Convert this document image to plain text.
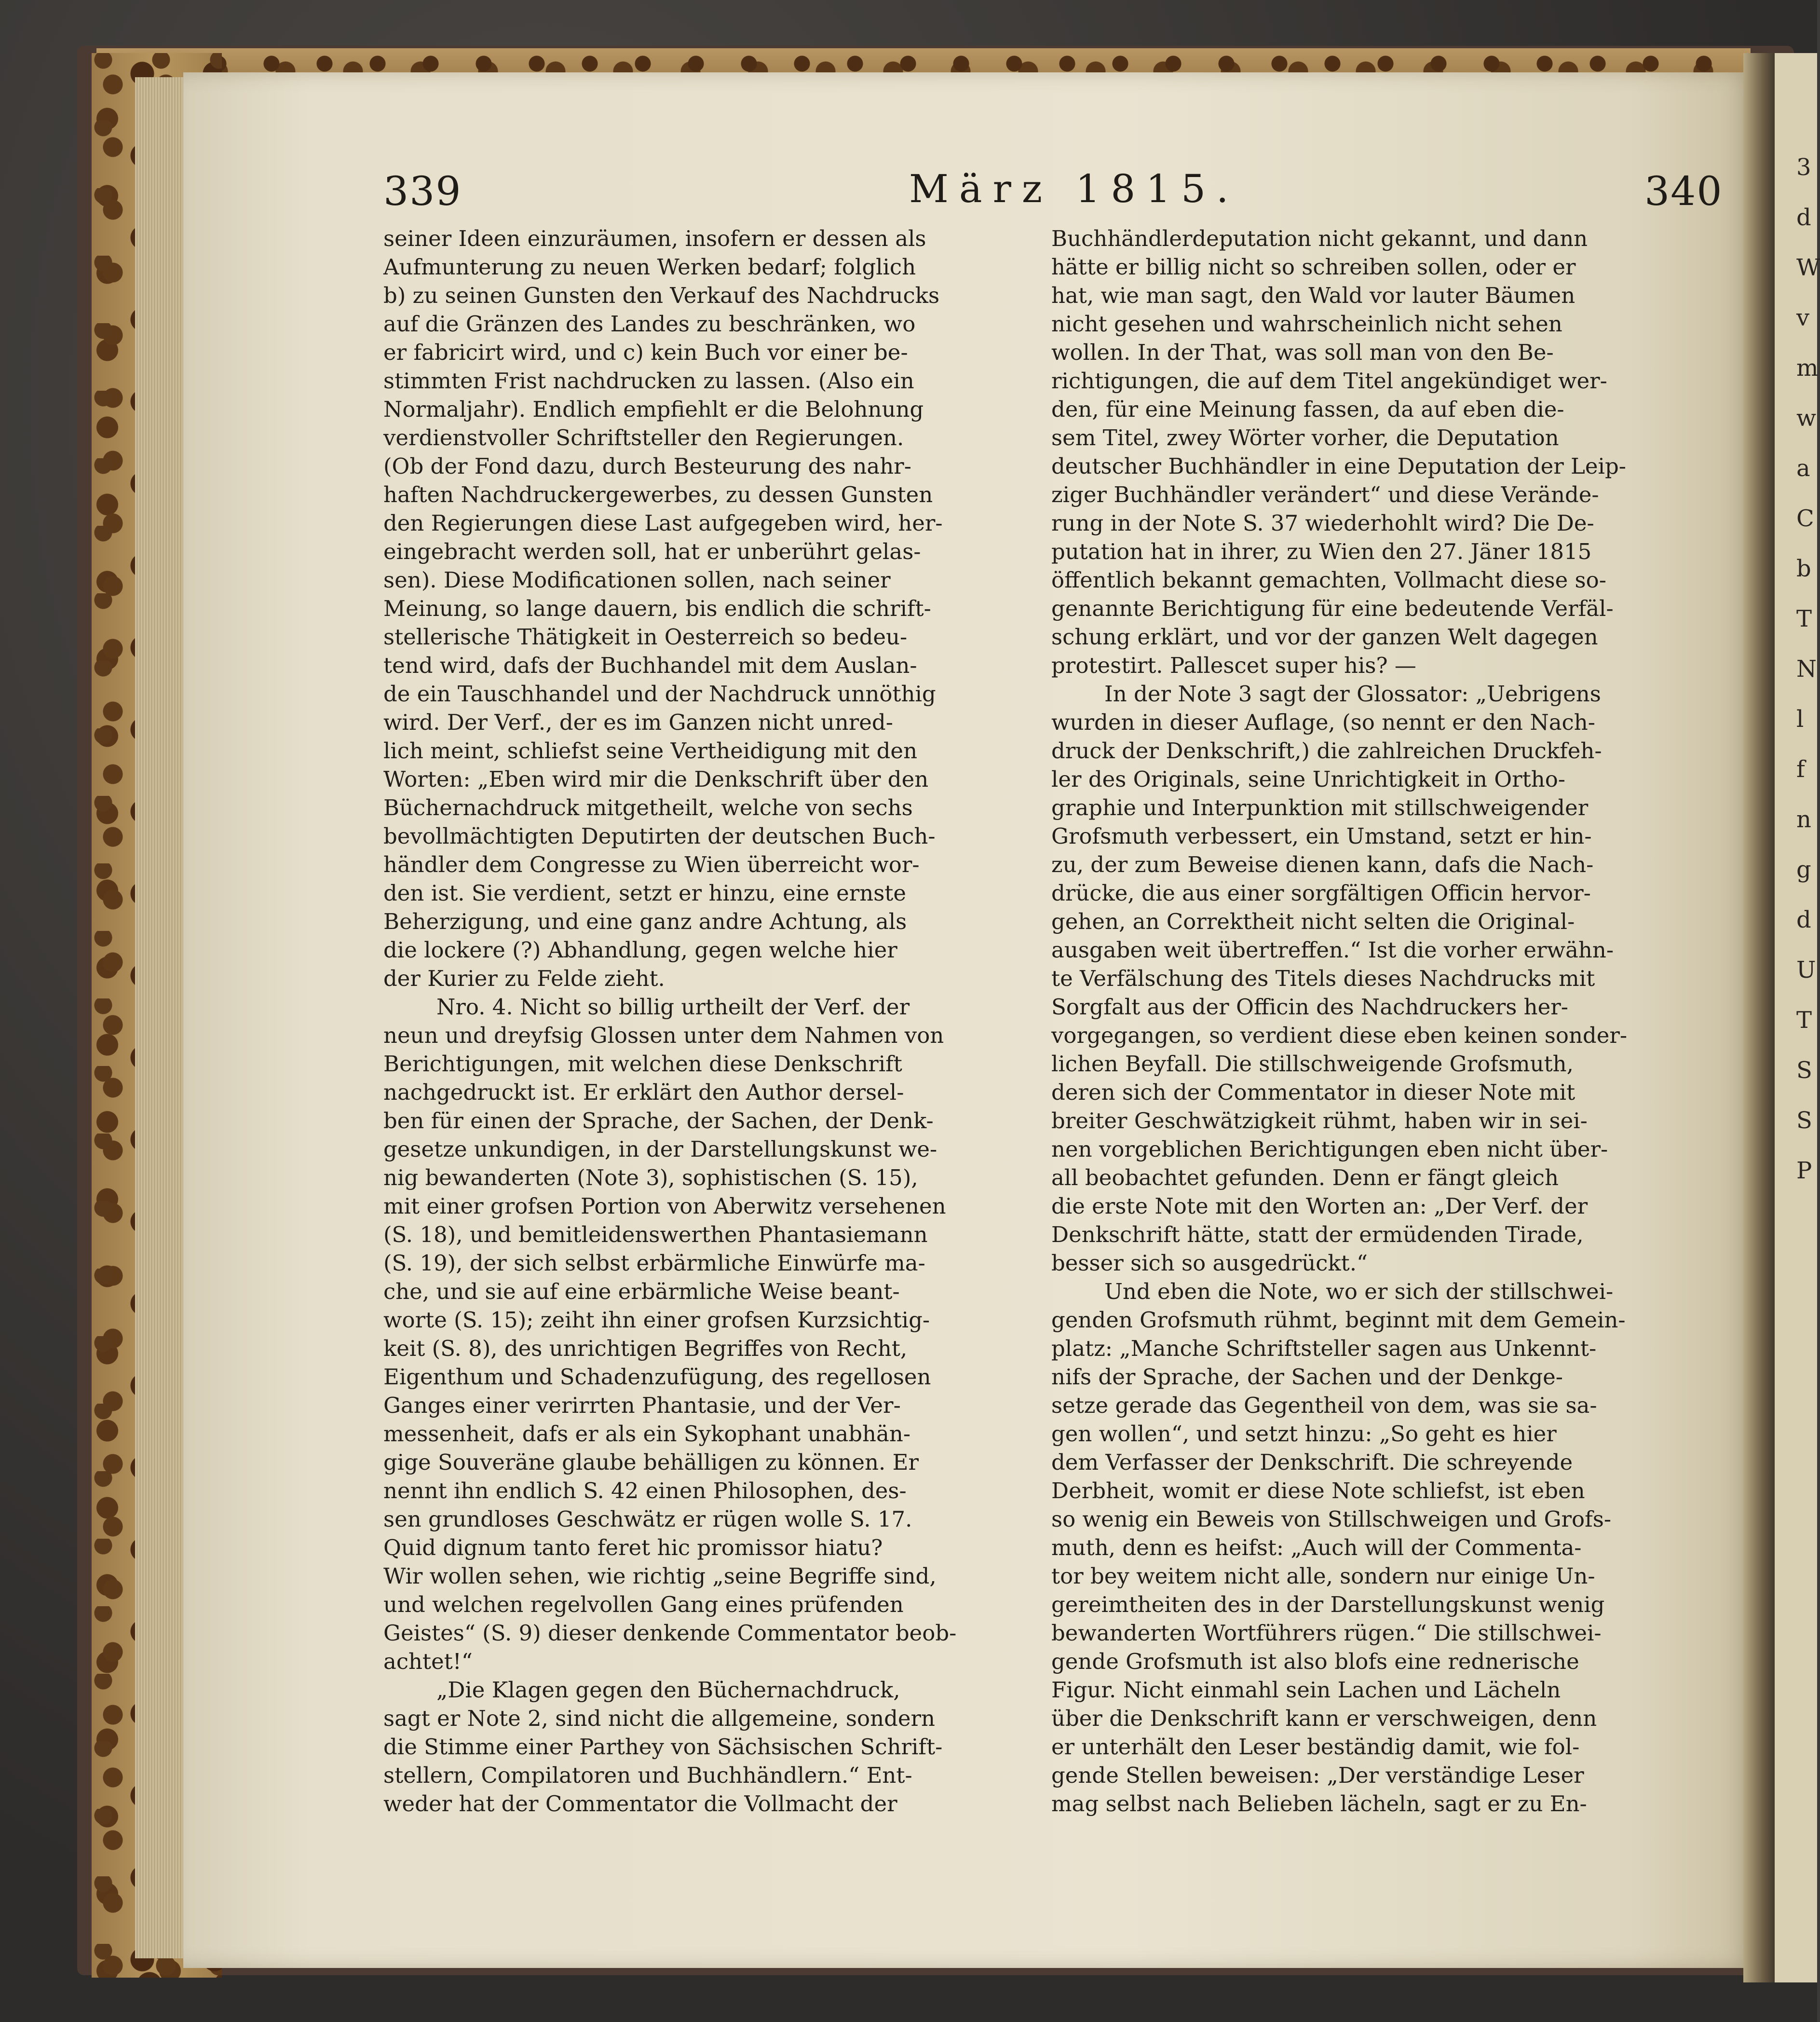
3
d
W
v
m
w
a
C
b
T
N
l
f
n
g
d
U
T
S
S
P
339	März 1815.	340
seiner Ideen einzuräumen, insofern er dessen als
Aufmunterung zu neuen Werken bedarf; folglich
b) zu seinen Gunsten den Verkauf des Nachdrucks
auf die Gränzen des Landes zu beschränken, wo
er fabricirt wird, und c) kein Buch vor einer be-
stimmten Frist nachdrucken zu lassen. (Also ein
Normaljahr). Endlich empfiehlt er die Belohnung
verdienstvoller Schriftsteller den Regierungen.
(Ob der Fond dazu, durch Besteurung des nahr-
haften Nachdruckergewerbes, zu dessen Gunsten
den Regierungen diese Last aufgegeben wird, her-
eingebracht werden soll, hat er unberührt gelas-
sen). Diese Modificationen sollen, nach seiner
Meinung, so lange dauern, bis endlich die schrift-
stellerische Thätigkeit in Oesterreich so bedeu-
tend wird, dafs der Buchhandel mit dem Auslan-
de ein Tauschhandel und der Nachdruck unnöthig
wird. Der Verf., der es im Ganzen nicht unred-
lich meint, schliefst seine Vertheidigung mit den
Worten: „Eben wird mir die Denkschrift über den
Büchernachdruck mitgetheilt, welche von sechs
bevollmächtigten Deputirten der deutschen Buch-
händler dem Congresse zu Wien überreicht wor-
den ist. Sie verdient, setzt er hinzu, eine ernste
Beherzigung, und eine ganz andre Achtung, als
die lockere (?) Abhandlung, gegen welche hier
der Kurier zu Felde zieht.
Nro. 4. Nicht so billig urtheilt der Verf. der
neun und dreyfsig Glossen unter dem Nahmen von
Berichtigungen, mit welchen diese Denkschrift
nachgedruckt ist. Er erklärt den Author dersel-
ben für einen der Sprache, der Sachen, der Denk-
gesetze unkundigen, in der Darstellungskunst we-
nig bewanderten (Note 3), sophistischen (S. 15),
mit einer grofsen Portion von Aberwitz versehenen
(S. 18), und bemitleidenswerthen Phantasiemann
(S. 19), der sich selbst erbärmliche Einwürfe ma-
che, und sie auf eine erbärmliche Weise beant-
worte (S. 15); zeiht ihn einer grofsen Kurzsichtig-
keit (S. 8), des unrichtigen Begriffes von Recht,
Eigenthum und Schadenzufügung, des regellosen
Ganges einer verirrten Phantasie, und der Ver-
messenheit, dafs er als ein Sykophant unabhän-
gige Souveräne glaube behälligen zu können. Er
nennt ihn endlich S. 42 einen Philosophen, des-
sen grundloses Geschwätz er rügen wolle S. 17.
Quid dignum tanto feret hic promissor hiatu?
Wir wollen sehen, wie richtig „seine Begriffe sind,
und welchen regelvollen Gang eines prüfenden
Geistes“ (S. 9) dieser denkende Commentator beob-
achtet!“
„Die Klagen gegen den Büchernachdruck,
sagt er Note 2, sind nicht die allgemeine, sondern
die Stimme einer Parthey von Sächsischen Schrift-
stellern, Compilatoren und Buchhändlern.“ Ent-
weder hat der Commentator die Vollmacht der
Buchhändlerdeputation nicht gekannt, und dann
hätte er billig nicht so schreiben sollen, oder er
hat, wie man sagt, den Wald vor lauter Bäumen
nicht gesehen und wahrscheinlich nicht sehen
wollen. In der That, was soll man von den Be-
richtigungen, die auf dem Titel angekündiget wer-
den, für eine Meinung fassen, da auf eben die-
sem Titel, zwey Wörter vorher, die Deputation
deutscher Buchhändler in eine Deputation der Leip-
ziger Buchhändler verändert“ und diese Verände-
rung in der Note S. 37 wiederhohlt wird? Die De-
putation hat in ihrer, zu Wien den 27. Jäner 1815
öffentlich bekannt gemachten, Vollmacht diese so-
genannte Berichtigung für eine bedeutende Verfäl-
schung erklärt, und vor der ganzen Welt dagegen
protestirt. Pallescet super his? —
In der Note 3 sagt der Glossator: „Uebrigens
wurden in dieser Auflage, (so nennt er den Nach-
druck der Denkschrift,) die zahlreichen Druckfeh-
ler des Originals, seine Unrichtigkeit in Ortho-
graphie und Interpunktion mit stillschweigender
Grofsmuth verbessert, ein Umstand, setzt er hin-
zu, der zum Beweise dienen kann, dafs die Nach-
drücke, die aus einer sorgfältigen Officin hervor-
gehen, an Correktheit nicht selten die Original-
ausgaben weit übertreffen.“ Ist die vorher erwähn-
te Verfälschung des Titels dieses Nachdrucks mit
Sorgfalt aus der Officin des Nachdruckers her-
vorgegangen, so verdient diese eben keinen sonder-
lichen Beyfall. Die stillschweigende Grofsmuth,
deren sich der Commentator in dieser Note mit
breiter Geschwätzigkeit rühmt, haben wir in sei-
nen vorgeblichen Berichtigungen eben nicht über-
all beobachtet gefunden. Denn er fängt gleich
die erste Note mit den Worten an: „Der Verf. der
Denkschrift hätte, statt der ermüdenden Tirade,
besser sich so ausgedrückt.“
Und eben die Note, wo er sich der stillschwei-
genden Grofsmuth rühmt, beginnt mit dem Gemein-
platz: „Manche Schriftsteller sagen aus Unkennt-
nifs der Sprache, der Sachen und der Denkge-
setze gerade das Gegentheil von dem, was sie sa-
gen wollen“, und setzt hinzu: „So geht es hier
dem Verfasser der Denkschrift. Die schreyende
Derbheit, womit er diese Note schliefst, ist eben
so wenig ein Beweis von Stillschweigen und Grofs-
muth, denn es heifst: „Auch will der Commenta-
tor bey weitem nicht alle, sondern nur einige Un-
gereimtheiten des in der Darstellungskunst wenig
bewanderten Wortführers rügen.“ Die stillschwei-
gende Grofsmuth ist also blofs eine rednerische
Figur. Nicht einmahl sein Lachen und Lächeln
über die Denkschrift kann er verschweigen, denn
er unterhält den Leser beständig damit, wie fol-
gende Stellen beweisen: „Der verständige Leser
mag selbst nach Belieben lächeln, sagt er zu En-
